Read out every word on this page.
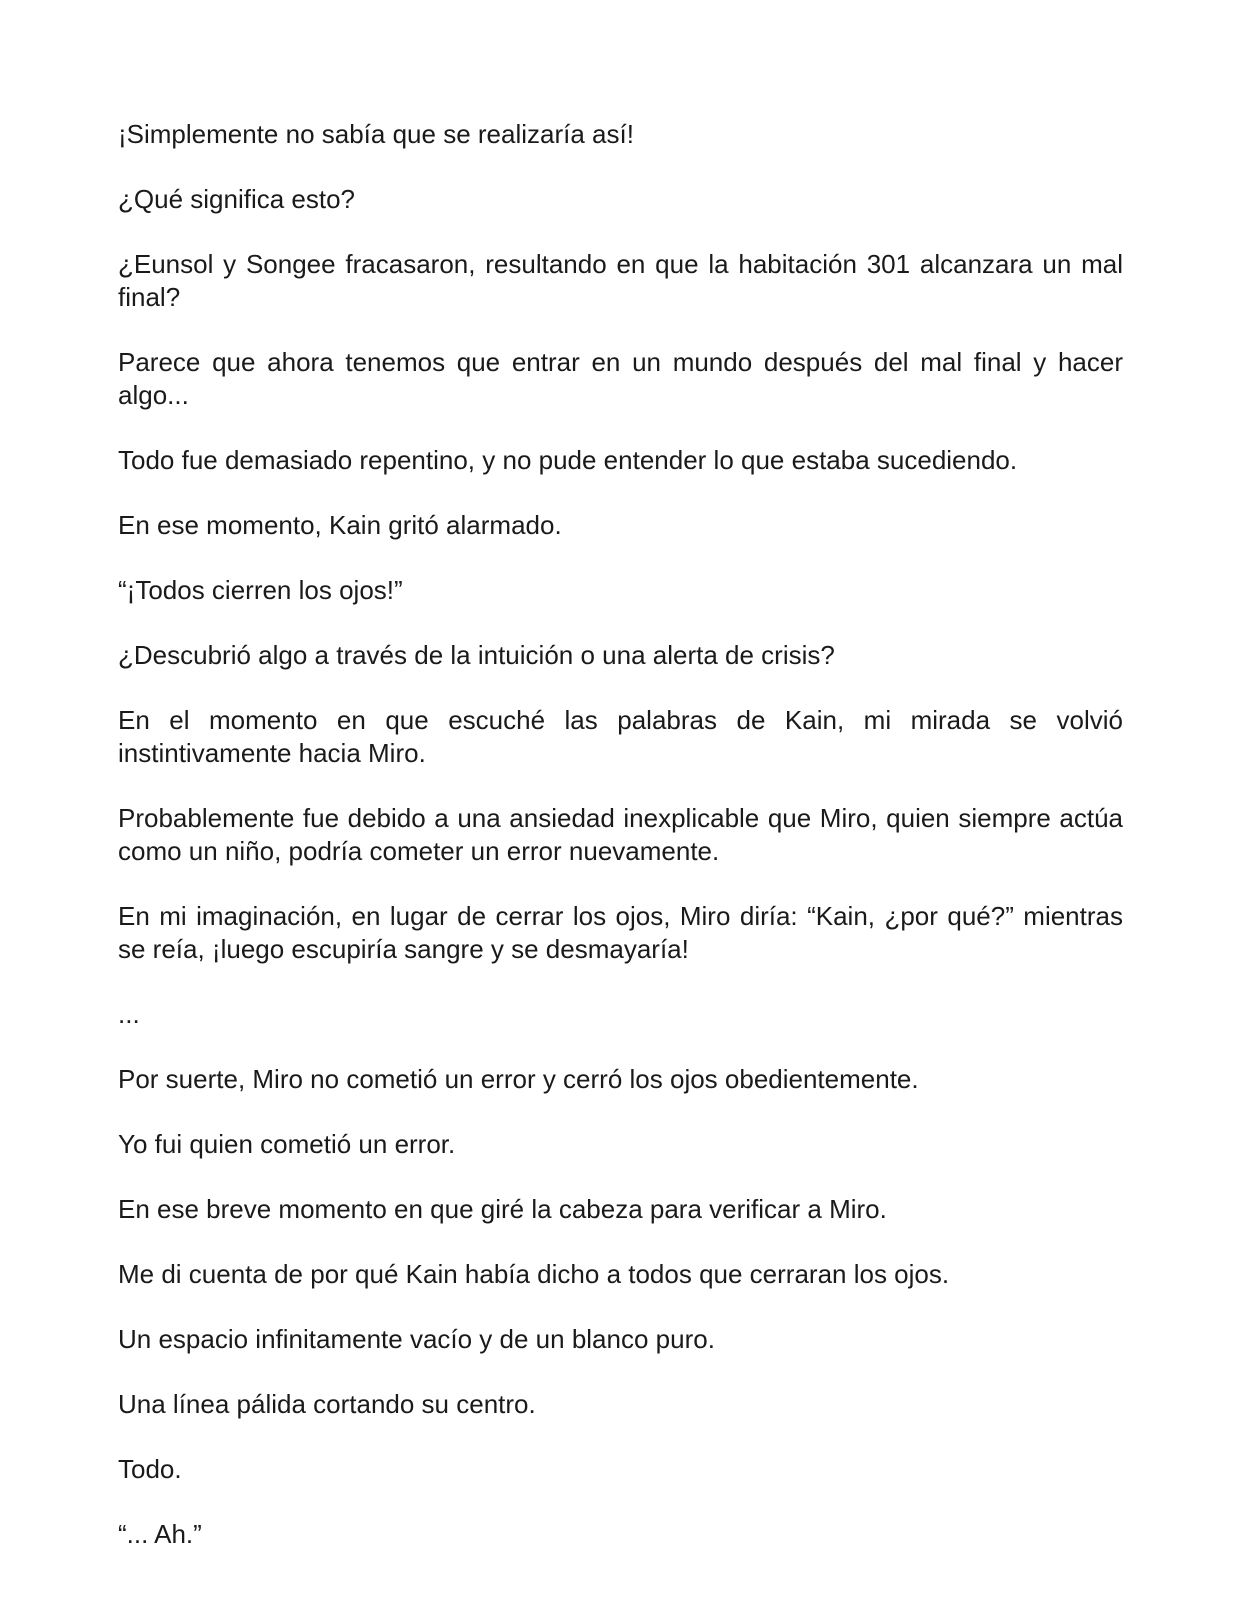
¡Simplemente no sabía que se realizaría así!

¿Qué significa esto?

¿Eunsol y Songee fracasaron, resultando en que la habitación 301 alcanzara un mal final?

Parece que ahora tenemos que entrar en un mundo después del mal final y hacer algo...

Todo fue demasiado repentino, y no pude entender lo que estaba sucediendo.

En ese momento, Kain gritó alarmado.

“¡Todos cierren los ojos!”

¿Descubrió algo a través de la intuición o una alerta de crisis?

En el momento en que escuché las palabras de Kain, mi mirada se volvió instintivamente hacia Miro.

Probablemente fue debido a una ansiedad inexplicable que Miro, quien siempre actúa como un niño, podría cometer un error nuevamente.

En mi imaginación, en lugar de cerrar los ojos, Miro diría: “Kain, ¿por qué?” mientras se reía, ¡luego escupiría sangre y se desmayaría!

...

Por suerte, Miro no cometió un error y cerró los ojos obedientemente.

Yo fui quien cometió un error.

En ese breve momento en que giré la cabeza para verificar a Miro.

Me di cuenta de por qué Kain había dicho a todos que cerraran los ojos.

Un espacio infinitamente vacío y de un blanco puro.

Una línea pálida cortando su centro.

Todo.

“... Ah.”
